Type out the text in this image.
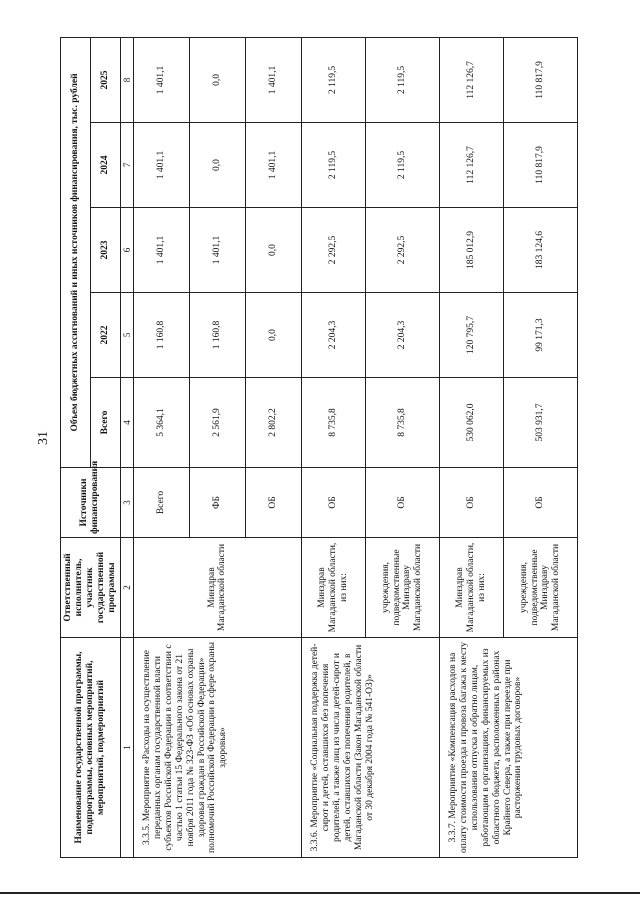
31
Наименование государственной программы, подпрограммы, основных мероприятий, мероприятий, подмероприятий	Ответственный исполнитель, участник государственной программы	Источники финансирования	Объем бюджетных ассигнований и иных источников финансирования, тыс. рублей				
			Всего	2022	2023	2024	2025
1	2	3	4	5	6	7	8
3.3.5. Мероприятие «Расходы на осуществление переданных органам государственной власти субъектов Российской Федерации в соответствии с частью 1 статьи 15 Федерального закона от 21 ноября 2011 года № 323-ФЗ «Об основах охраны здоровья граждан в Российской Федерации» полномочий Российской Федерации в сфере охраны здоровья»	Минздрав Магаданской области	Всего	5 364,1	1 160,8	1 401,1	1 401,1	1 401,1
		ФБ	2 561,9	1 160,8	1 401,1	0,0	0,0
		ОБ	2 802,2	0,0	0,0	1 401,1	1 401,1
3.3.6. Мероприятие «Социальная поддержка детей-сирот и детей, оставшихся без попечения родителей, а также лиц из числа детей-сирот и детей, оставшихся без попечения родителей, в Магаданской области (Закон Магаданской области от 30 декабря 2004 года № 541-ОЗ)»	Минздрав Магаданской области, из них:	ОБ	8 735,8	2 204,3	2 292,5	2 119,5	2 119,5
	учреждения, подведомственные Минздраву Магаданской области	ОБ	8 735,8	2 204,3	2 292,5	2 119,5	2 119,5
3.3.7. Мероприятие «Компенсация расходов на оплату стоимости проезда и провоза багажа к месту использования отпуска и обратно лицам, работающим в организациях, финансируемых из областного бюджета, расположенных в районах Крайнего Севера, а также при переезде при расторжении трудовых договоров»	Минздрав Магаданской области, из них:	ОБ	530 062,0	120 795,7	185 012,9	112 126,7	112 126,7
	учреждения, подведомственные Минздраву Магаданской области	ОБ	503 931,7	99 171,3	183 124,6	110 817,9	110 817,9
